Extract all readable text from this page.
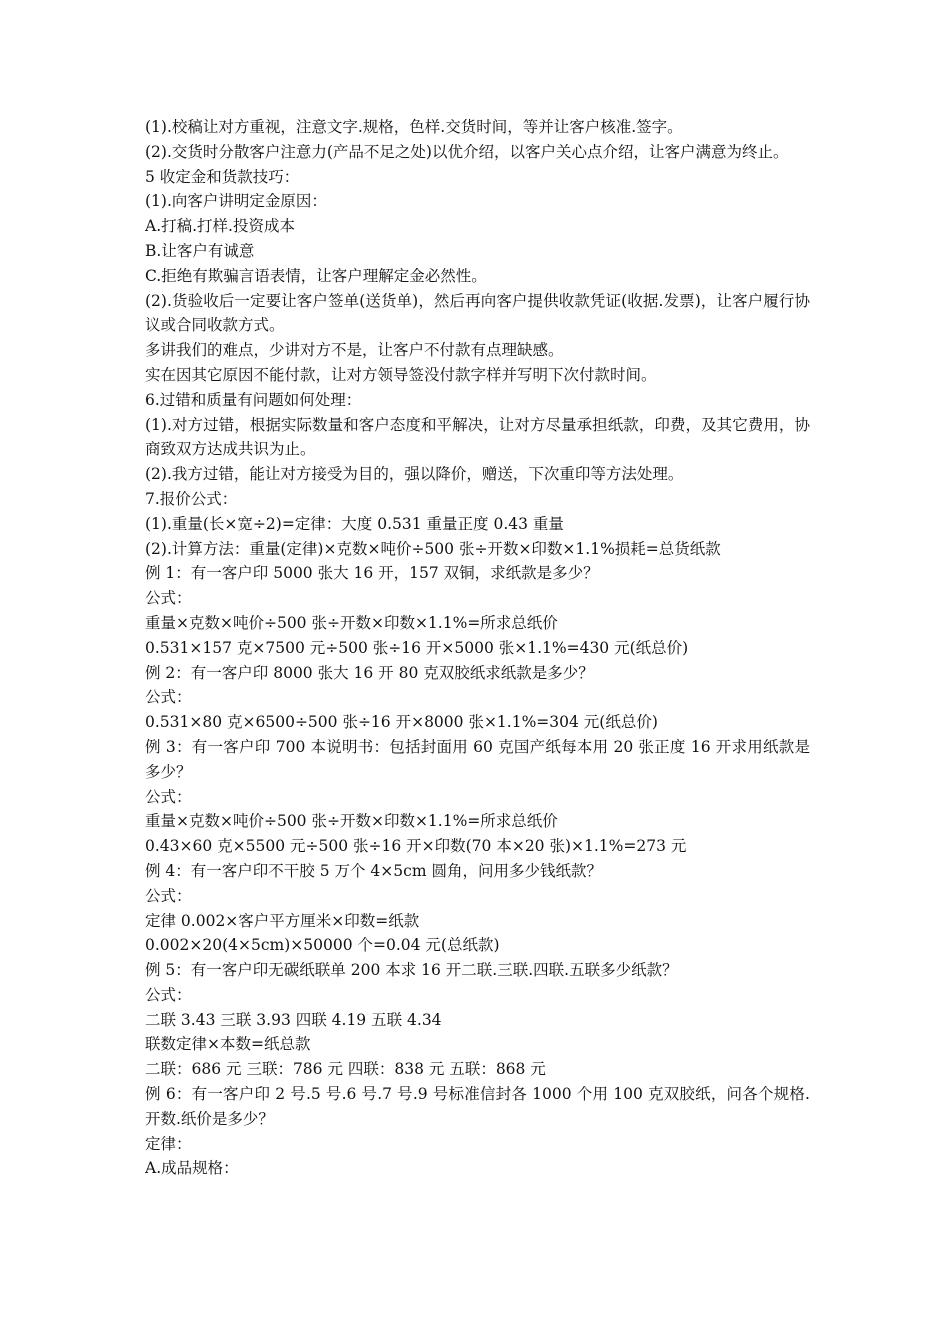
(1).校稿让对方重视，注意文字.规格，色样.交货时间，等并让客户核准.签字。
(2).交货时分散客户注意力(产品不足之处)以优介绍，以客户关心点介绍，让客户满意为终止。
5 收定金和货款技巧：
(1).向客户讲明定金原因：
A.打稿.打样.投资成本
B.让客户有诚意
C.拒绝有欺骗言语表情，让客户理解定金必然性。
(2).货验收后一定要让客户签单(送货单)，然后再向客户提供收款凭证(收据.发票)，让客户履行协议或合同收款方式。
多讲我们的难点，少讲对方不是，让客户不付款有点理缺感。
实在因其它原因不能付款，让对方领导签没付款字样并写明下次付款时间。
6.过错和质量有问题如何处理：
(1).对方过错，根据实际数量和客户态度和平解决，让对方尽量承担纸款，印费，及其它费用，协商致双方达成共识为止。
(2).我方过错，能让对方接受为目的，强以降价，赠送，下次重印等方法处理。
7.报价公式：
(1).重量(长×宽÷2)=定律：大度 0.531 重量正度 0.43 重量
(2).计算方法：重量(定律)×克数×吨价÷500 张÷开数×印数×1.1%损耗=总货纸款
例 1：有一客户印 5000 张大 16 开，157 双铜，求纸款是多少？
公式：
重量×克数×吨价÷500 张÷开数×印数×1.1%=所求总纸价
0.531×157 克×7500 元÷500 张÷16 开×5000 张×1.1%=430 元(纸总价)
例 2：有一客户印 8000 张大 16 开 80 克双胶纸求纸款是多少？
公式：
0.531×80 克×6500÷500 张÷16 开×8000 张×1.1%=304 元(纸总价)
例 3：有一客户印 700 本说明书：包括封面用 60 克国产纸每本用 20 张正度 16 开求用纸款是多少？
公式：
重量×克数×吨价÷500 张÷开数×印数×1.1%=所求总纸价
0.43×60 克×5500 元÷500 张÷16 开×印数(70 本×20 张)×1.1%=273 元
例 4：有一客户印不干胶 5 万个 4×5cm 圆角，问用多少钱纸款？
公式：
定律 0.002×客户平方厘米×印数=纸款
0.002×20(4×5cm)×50000 个=0.04 元(总纸款)
例 5：有一客户印无碳纸联单 200 本求 16 开二联.三联.四联.五联多少纸款？
公式：
二联 3.43 三联 3.93 四联 4.19 五联 4.34
联数定律×本数=纸总款
二联：686 元 三联：786 元 四联：838 元 五联：868 元
例 6：有一客户印 2 号.5 号.6 号.7 号.9 号标准信封各 1000 个用 100 克双胶纸，问各个规格.开数.纸价是多少？
定律：
A.成品规格：
